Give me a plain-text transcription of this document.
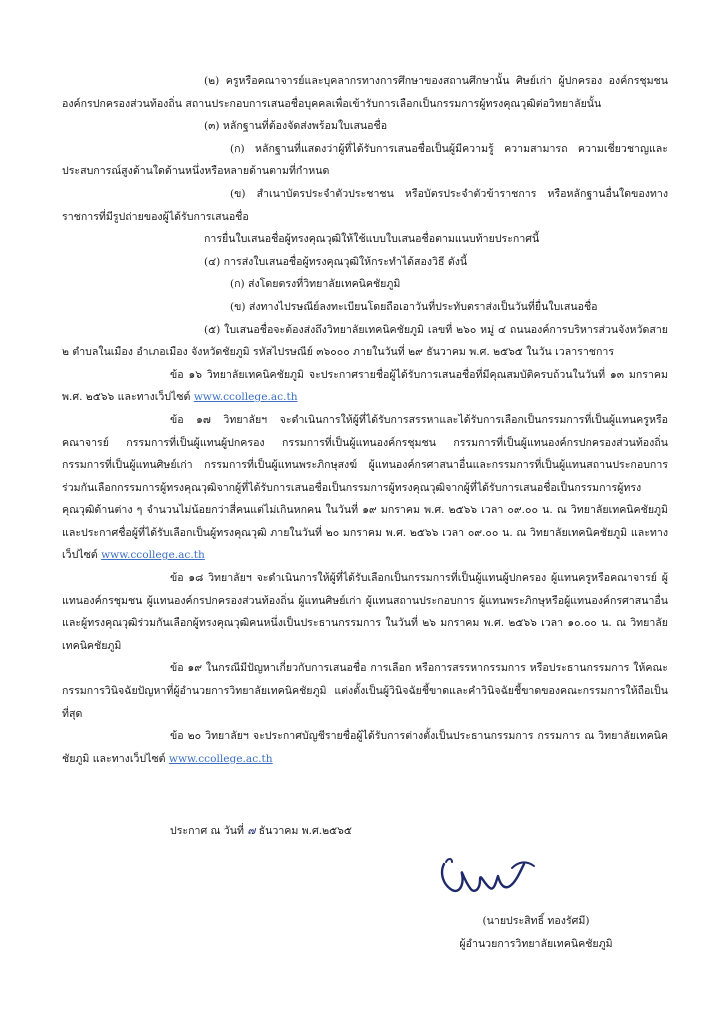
(๒) ครูหรือคณาจารย์และบุคลากรทางการศึกษาของสถานศึกษานั้น ศิษย์เก่า ผู้ปกครอง องค์กรชุมชน องค์กรปกครองส่วนท้องถิ่น สถานประกอบการเสนอชื่อบุคคลเพื่อเข้ารับการเลือกเป็นกรรมการผู้ทรงคุณวุฒิต่อวิทยาลัยนั้น

(๓) หลักฐานที่ต้องจัดส่งพร้อมใบเสนอชื่อ

(ก) หลักฐานที่แสดงว่าผู้ที่ได้รับการเสนอชื่อเป็นผู้มีความรู้ ความสามารถ ความเชี่ยวชาญและประสบการณ์สูงด้านใดด้านหนึ่งหรือหลายด้านตามที่กำหนด

(ข) สำเนาบัตรประจำตัวประชาชน หรือบัตรประจำตัวข้าราชการ หรือหลักฐานอื่นใดของทางราชการที่มีรูปถ่ายของผู้ได้รับการเสนอชื่อ

การยื่นใบเสนอชื่อผู้ทรงคุณวุฒิให้ใช้แบบใบเสนอชื่อตามแนบท้ายประกาศนี้

(๔) การส่งใบเสนอชื่อผู้ทรงคุณวุฒิให้กระทำได้สองวิธี ดังนี้

(ก) ส่งโดยตรงที่วิทยาลัยเทคนิคชัยภูมิ

(ข) ส่งทางไปรษณีย์ลงทะเบียนโดยถือเอาวันที่ประทับตราส่งเป็นวันที่ยื่นใบเสนอชื่อ

(๕) ใบเสนอชื่อจะต้องส่งถึงวิทยาลัยเทคนิคชัยภูมิ เลขที่ ๒๖๐ หมู่ ๔ ถนนองค์การบริหารส่วนจังหวัดสาย ๒ ตำบลในเมือง อำเภอเมือง จังหวัดชัยภูมิ รหัสไปรษณีย์ ๓๖๐๐๐ ภายในวันที่ ๒๙ ธันวาคม พ.ศ. ๒๕๖๕ ในวัน เวลาราชการ

ข้อ ๑๖ วิทยาลัยเทคนิคชัยภูมิ จะประกาศรายชื่อผู้ได้รับการเสนอชื่อที่มีคุณสมบัติครบถ้วนในวันที่ ๑๓ มกราคม พ.ศ. ๒๕๖๖ และทางเว็ปไซต์ www.ccollege.ac.th

ข้อ ๑๗ วิทยาลัยฯ จะดำเนินการให้ผู้ที่ได้รับการสรรหาและได้รับการเลือกเป็นกรรมการที่เป็นผู้แทนครูหรือคณาจารย์ กรรมการที่เป็นผู้แทนผู้ปกครอง กรรมการที่เป็นผู้แทนองค์กรชุมชน กรรมการที่เป็นผู้แทนองค์กรปกครองส่วนท้องถิ่น กรรมการที่เป็นผู้แทนศิษย์เก่า กรรมการที่เป็นผู้แทนพระภิกษุสงฆ์ ผู้แทนองค์กรศาสนาอื่นและกรรมการที่เป็นผู้แทนสถานประกอบการร่วมกันเลือกกรรมการผู้ทรงคุณวุฒิจากผู้ที่ได้รับการเสนอชื่อเป็นกรรมการผู้ทรงคุณวุฒิจากผู้ที่ได้รับการเสนอชื่อเป็นกรรมการผู้ทรงคุณวุฒิด้านต่าง ๆ จำนวนไม่น้อยกว่าสี่คนแต่ไม่เกินหกคน ในวันที่ ๑๙ มกราคม พ.ศ. ๒๕๖๖ เวลา ๐๙.๐๐ น. ณ วิทยาลัยเทคนิคชัยภูมิ และประกาศชื่อผู้ที่ได้รับเลือกเป็นผู้ทรงคุณวุฒิ ภายในวันที่ ๒๐ มกราคม พ.ศ. ๒๕๖๖ เวลา ๐๙.๐๐ น. ณ วิทยาลัยเทคนิคชัยภูมิ และทางเว็ปไซต์ www.ccollege.ac.th

ข้อ ๑๘ วิทยาลัยฯ จะดำเนินการให้ผู้ที่ได้รับเลือกเป็นกรรมการที่เป็นผู้แทนผู้ปกครอง ผู้แทนครูหรือคณาจารย์ ผู้แทนองค์กรชุมชน ผู้แทนองค์กรปกครองส่วนท้องถิ่น ผู้แทนศิษย์เก่า ผู้แทนสถานประกอบการ ผู้แทนพระภิกษุหรือผู้แทนองค์กรศาสนาอื่น และผู้ทรงคุณวุฒิร่วมกันเลือกผู้ทรงคุณวุฒิคนหนึ่งเป็นประธานกรรมการ ในวันที่ ๒๖ มกราคม พ.ศ. ๒๕๖๖ เวลา ๑๐.๐๐ น. ณ วิทยาลัยเทคนิคชัยภูมิ

ข้อ ๑๙ ในกรณีมีปัญหาเกี่ยวกับการเสนอชื่อ การเลือก หรือการสรรหากรรมการ หรือประธานกรรมการ ให้คณะกรรมการวินิจฉัยปัญหาที่ผู้อำนวยการวิทยาลัยเทคนิคชัยภูมิ แต่งตั้งเป็นผู้วินิจฉัยชี้ขาดและคำวินิจฉัยชี้ขาดของคณะกรรมการให้ถือเป็นที่สุด

ข้อ ๒๐ วิทยาลัยฯ จะประกาศบัญชีรายชื่อผู้ได้รับการต่างตั้งเป็นประธานกรรมการ กรรมการ ณ วิทยาลัยเทคนิคชัยภูมิ และทางเว็ปไซต์ www.ccollege.ac.th

ประกาศ ณ วันที่ ๗ ธันวาคม พ.ศ.๒๕๖๕
(นายประสิทธิ์ ทองรัศมี)
ผู้อำนวยการวิทยาลัยเทคนิคชัยภูมิ
